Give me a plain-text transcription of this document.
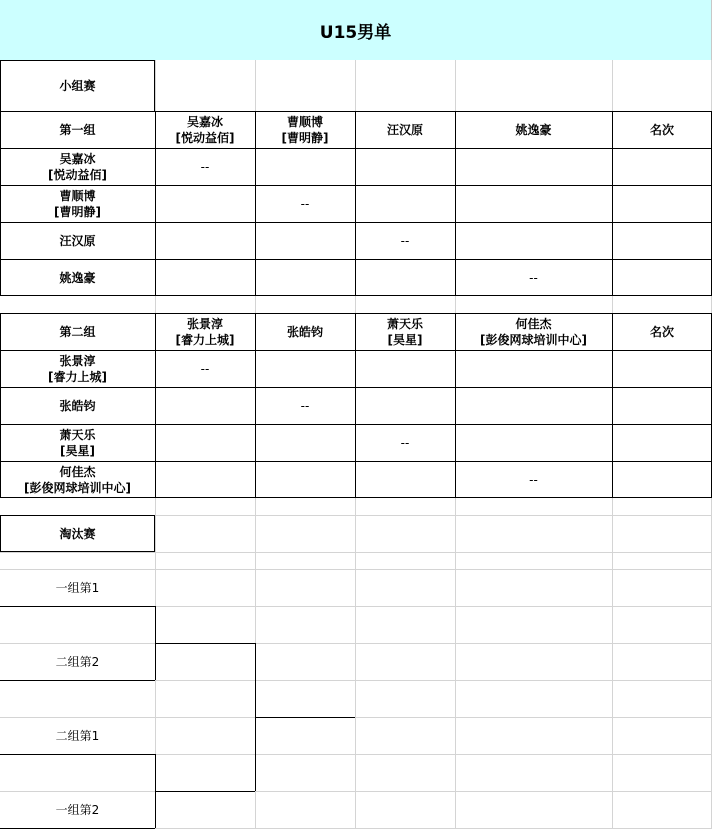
U15男单
小组赛
第一组
吴嘉冰
[悦动益佰]
曹顺博
[曹明静]
汪汉原	姚逸豪	名次
吴嘉冰
[悦动益佰]
曹顺博
[曹明静]
汪汉原
姚逸豪
--
--
--
--
第二组
张景淳
[睿力上城]
张皓钧
萧天乐
[昊星]
何佳杰
[彭俊网球培训中心]
名次
张景淳
[睿力上城]
张皓钧
萧天乐
[昊星]
何佳杰
[彭俊网球培训中心]
--
--
--
--
淘汰赛
一组第1
二组第2
二组第1
一组第2
